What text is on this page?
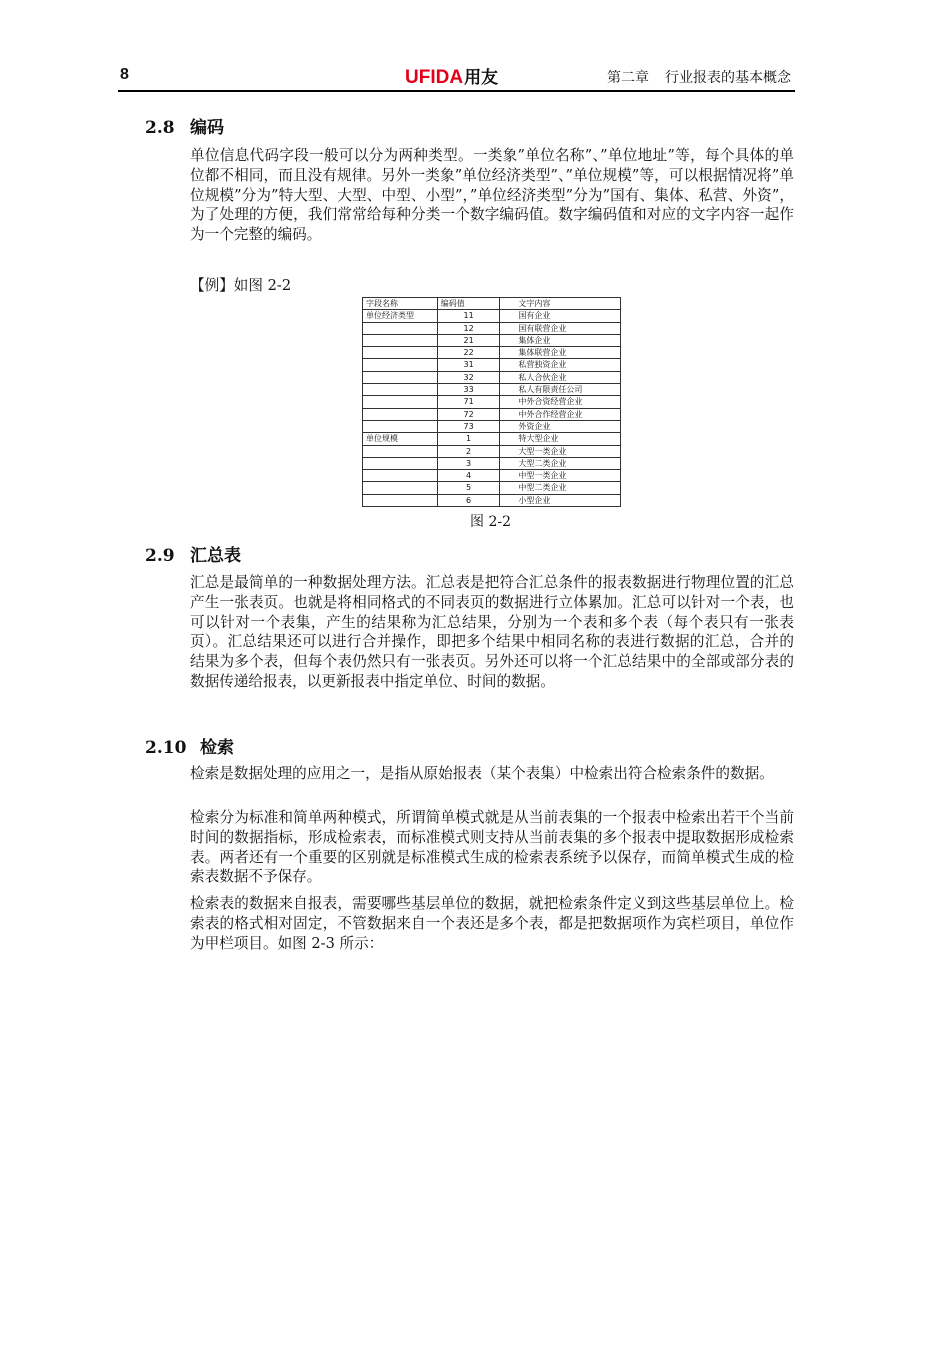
8	UFIDA用友	第二章 行业报表的基本概念
2.8 编码

单位信息代码字段一般可以分为两种类型。一类象”单位名称”、”单位地址”等，每个具体的单位都不相同，而且没有规律。另外一类象”单位经济类型”、”单位规模”等，可以根据情况将”单位规模”分为”特大型、大型、中型、小型”，”单位经济类型”分为”国有、集体、私营、外资”，为了处理的方便，我们常常给每种分类一个数字编码值。数字编码值和对应的文字内容一起作为一个完整的编码。

【例】如图 2-2
字段名称	编码值	文字内容
单位经济类型	11	国有企业
	12	国有联营企业
	21	集体企业
	22	集体联营企业
	31	私营独资企业
	32	私人合伙企业
	33	私人有限责任公司
	71	中外合资经营企业
	72	中外合作经营企业
	73	外资企业
单位规模	1	特大型企业
	2	大型一类企业
	3	大型二类企业
	4	中型一类企业
	5	中型二类企业
	6	小型企业
图 2-2
2.9 汇总表

汇总是最简单的一种数据处理方法。汇总表是把符合汇总条件的报表数据进行物理位置的汇总产生一张表页。也就是将相同格式的不同表页的数据进行立体累加。汇总可以针对一个表，也可以针对一个表集，产生的结果称为汇总结果，分别为一个表和多个表（每个表只有一张表页）。汇总结果还可以进行合并操作，即把多个结果中相同名称的表进行数据的汇总，合并的结果为多个表，但每个表仍然只有一张表页。另外还可以将一个汇总结果中的全部或部分表的数据传递给报表，以更新报表中指定单位、时间的数据。

2.10 检索

检索是数据处理的应用之一，是指从原始报表（某个表集）中检索出符合检索条件的数据。

检索分为标准和简单两种模式，所谓简单模式就是从当前表集的一个报表中检索出若干个当前时间的数据指标，形成检索表，而标准模式则支持从当前表集的多个报表中提取数据形成检索表。两者还有一个重要的区别就是标准模式生成的检索表系统予以保存，而简单模式生成的检索表数据不予保存。

检索表的数据来自报表，需要哪些基层单位的数据，就把检索条件定义到这些基层单位上。检索表的格式相对固定，不管数据来自一个表还是多个表，都是把数据项作为宾栏项目，单位作为甲栏项目。如图 2-3 所示：
